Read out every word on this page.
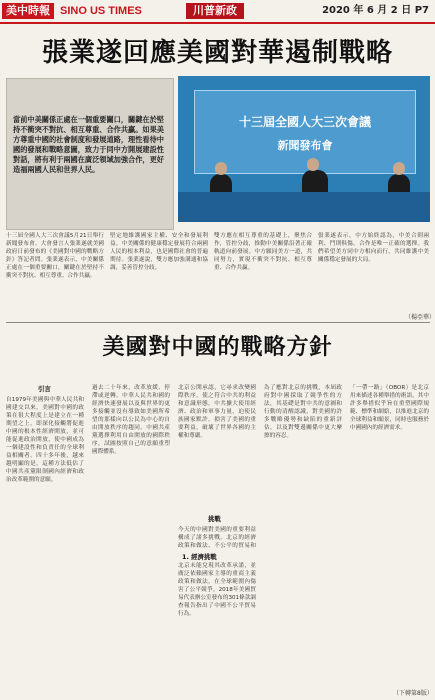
美中時報 SINO US TIMES	川普新政	2020 年 6 月 2 日 P7
張業遂回應美國對華遏制戰略

當前中美關係正處在一個重要關口，關鍵在於堅持不衝突不對抗、相互尊重、合作共贏。如果美方尊重中國的社會制度和發展道路，理性看待中國的發展和戰略意圖，致力于同中方開展建設性對話，將有利于兩國在廣泛領域加強合作，更好造福兩國人民和世界人民。

十三屆全國人大三次會議
新聞發布會
十三屆全國人大三次會議5月21日舉行新聞發布會。大會發言人張業遂就美國政府日前發布的《美國對中國的戰略方針》答記者問。張業遂表示，中美關係正處在一個重要關口，關鍵在於堅持不衝突不對抗、相互尊重、合作共贏。
堅定地維護國家主權、安全和發展利益。中美關係的健康穩定發展符合兩國人民的根本利益，也是國際社會的普遍期待。張業遂說，雙方應加強溝通和協調，妥善管控分歧。
雙方應在相互尊重的基礎上，聚焦合作，管控分歧，推動中美關係沿著正確軌道向前發展。中方願同美方一道，共同努力，實現不衝突不對抗、相互尊重、合作共贏。
張業遂表示，中方始終認為，中美合則兩利、鬥則俱傷。合作是唯一正確的選擇。我們希望美方同中方相向而行，共同維護中美關係穩定發展的大局。
（楊亞華）
美國對中國的戰略方針
引言
自1979年美國與中華人民共和國建交以來，美國對中國的政策在很大程度上是建立在一種期望之上，即深化接觸將促進中國的根本性經濟開放，並可能促進政治開放，使中國成為一個建設性和負責任的全球利益相關者。四十多年後，越來越明顯的是，這種方法低估了中國共產黨限制國內經濟和政治改革範圍的意願。
過去二十年來，改革放緩、停滯或逆轉。中華人民共和國的經濟快速發展以及與世界的更多接觸並沒有導致如美國所希望的那樣向以公民為中心的自由開放秩序的趨同。中國共產黨選擇利用自由開放的國際秩序，試圖按照自己的意願重塑國際體系。
北京公開承認，它尋求改變國際秩序，使之符合中共的利益和意識形態。中共擴大使用經濟、政治和軍事力量，迫使民族國家默許，損害了美國的重要利益，破壞了世界各國的主權和尊嚴。
為了應對北京的挑戰，本屆政府對中國採取了競爭性的方法，其基礎是對中共的意圖和行動的清醒認識，對美國的許多戰略優勢和缺陷的重新評估，以及對雙邊關係中更大摩擦的容忍。
「一帶一路」（OBOR）是北京用來描述各種舉措的術語，其中許多舉措似乎旨在重塑國際規範、標準和網絡，以推進北京的全球利益和願景，同時也服務於中國國內的經濟需求。
挑戰
今天的中國對美國的重要利益構成了諸多挑戰。北京的經濟政策和做法、不公平的貿易和
1. 經濟挑戰
北京未能兌現其改革承諾，並廣泛依賴國家主導的重商主義政策和做法，在全球範圍內傷害了公平競爭。2018年美國貿易代表辦公室發布的301條款調查報告指出了中國不公平貿易行為。
（下轉第8版）
